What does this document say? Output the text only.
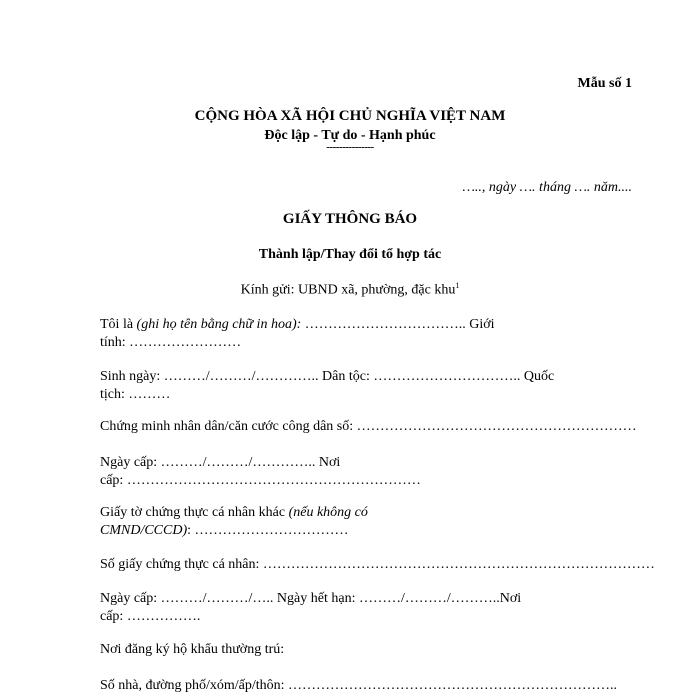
Mẫu số 1
CỘNG HÒA XÃ HỘI CHỦ NGHĨA VIỆT NAM
Độc lập - Tự do - Hạnh phúc
---------------
….., ngày …. tháng …. năm....
GIẤY THÔNG BÁO
Thành lập/Thay đổi tổ hợp tác
Kính gửi: UBND xã, phường, đặc khu$^1$
Tôi là (ghi họ tên bằng chữ in hoa): …………………………….. Giới
tính: ……………………
Sinh ngày: ………/………/………….. Dân tộc: ………………………….. Quốc
tịch: ………
Chứng minh nhân dân/căn cước công dân số: ……………………………………………………
Ngày cấp: ………/………/………….. Nơi
cấp: ………………………………………………………
Giấy tờ chứng thực cá nhân khác (nếu không có
CMND/CCCD): ……………………………
Số giấy chứng thực cá nhân: …………………………………………………………………………
Ngày cấp: ………/………/….. Ngày hết hạn: ………/………/………..Nơi
cấp: …………….
Nơi đăng ký hộ khẩu thường trú:
Số nhà, đường phố/xóm/ấp/thôn: ……………………………………………………………..
